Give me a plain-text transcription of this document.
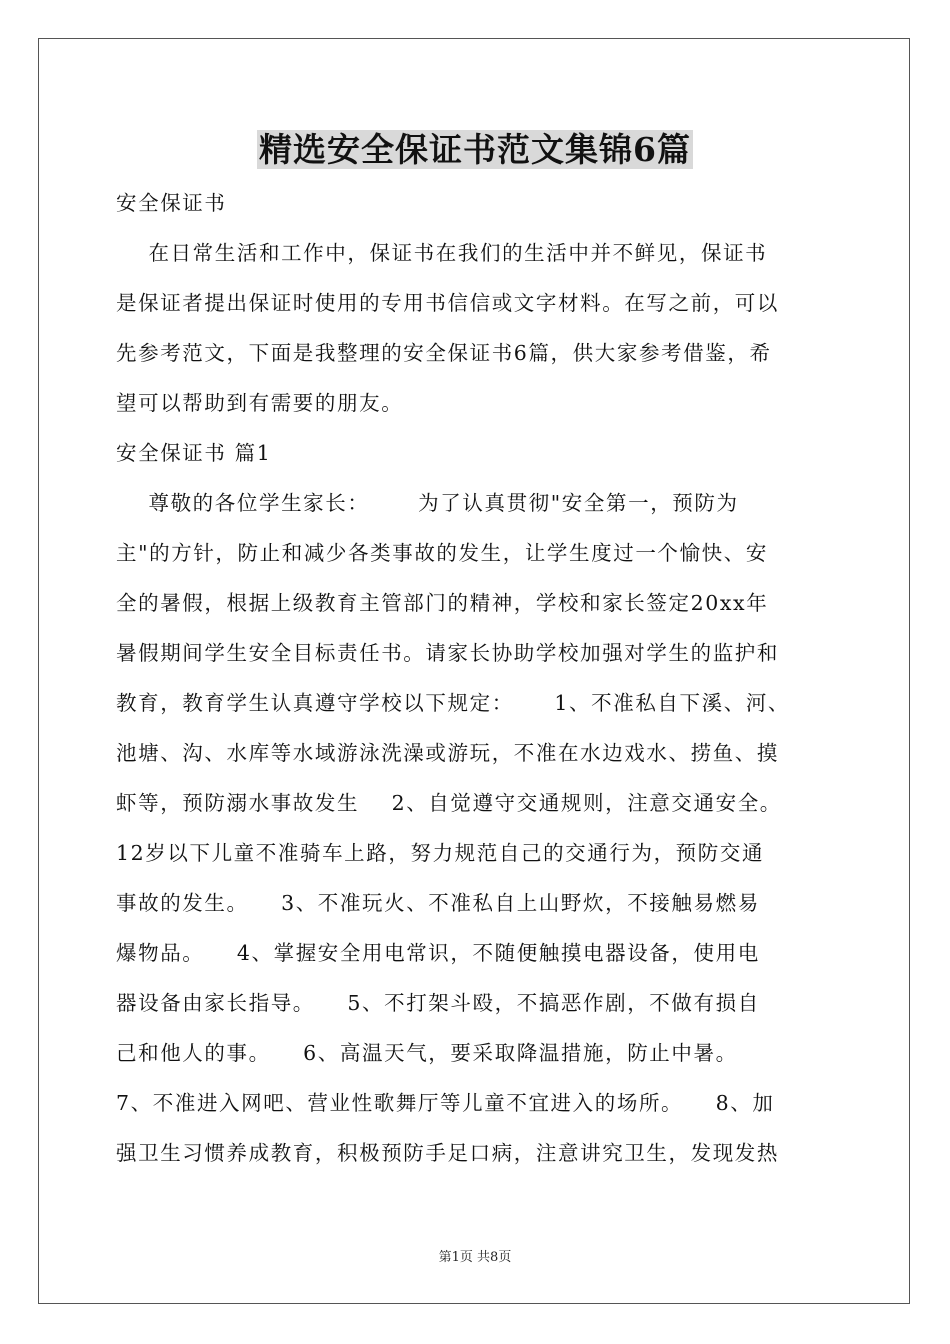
精选安全保证书范文集锦6篇
安全保证书
在日常生活和工作中，保证书在我们的生活中并不鲜见，保证书
是保证者提出保证时使用的专用书信信或文字材料。在写之前，可以
先参考范文，下面是我整理的安全保证书6篇，供大家参考借鉴，希
望可以帮助到有需要的朋友。
安全保证书 篇1
尊敬的各位学生家长：      为了认真贯彻"安全第一，预防为
主"的方针，防止和减少各类事故的发生，让学生度过一个愉快、安
全的暑假，根据上级教育主管部门的精神，学校和家长签定20xx年
暑假期间学生安全目标责任书。请家长协助学校加强对学生的监护和
教育，教育学生认真遵守学校以下规定：     1、不准私自下溪、河、
池塘、沟、水库等水域游泳洗澡或游玩，不准在水边戏水、捞鱼、摸
虾等，预防溺水事故发生    2、自觉遵守交通规则，注意交通安全。
12岁以下儿童不准骑车上路，努力规范自己的交通行为，预防交通
事故的发生。    3、不准玩火、不准私自上山野炊，不接触易燃易
爆物品。    4、掌握安全用电常识，不随便触摸电器设备，使用电
器设备由家长指导。    5、不打架斗殴，不搞恶作剧，不做有损自
己和他人的事。    6、高温天气，要采取降温措施，防止中暑。
7、不准进入网吧、营业性歌舞厅等儿童不宜进入的场所。    8、加
强卫生习惯养成教育，积极预防手足口病，注意讲究卫生，发现发热
第1页 共8页
